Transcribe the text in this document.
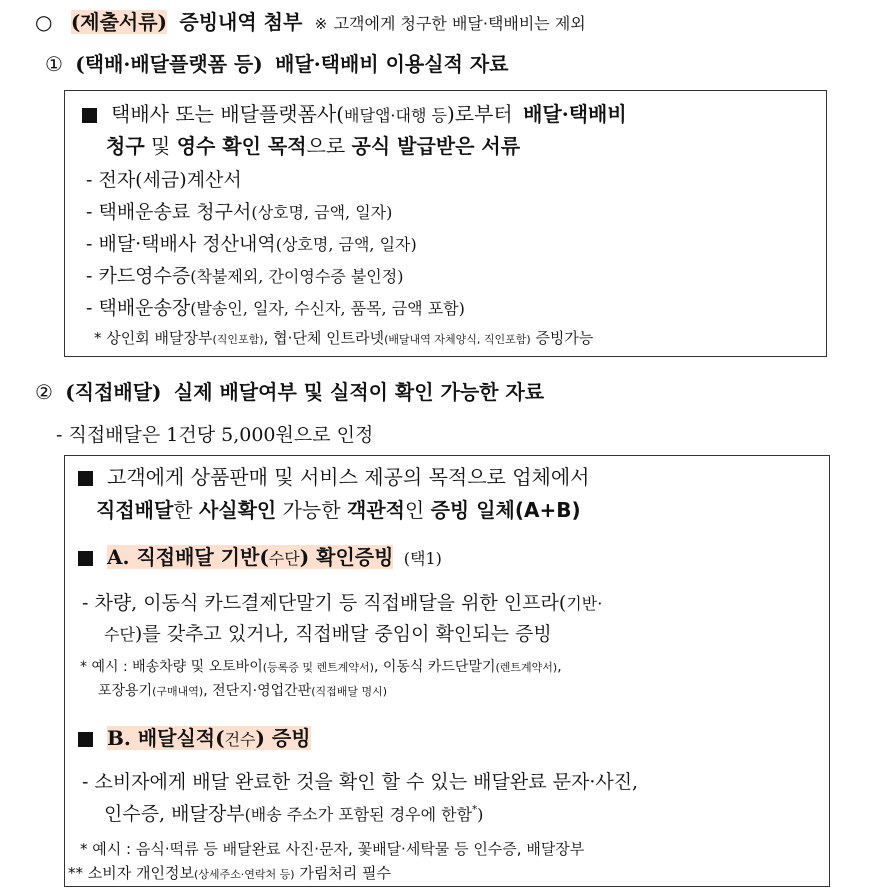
○ (제출서류) 증빙내역 첨부 ※ 고객에게 청구한 배달·택배비는 제외
① (택배·배달플랫폼 등) 배달·택배비 이용실적 자료
택배사 또는 배달플랫폼사(배달앱·대행 등)로부터 배달·택배비
청구 및 영수 확인 목적으로 공식 발급받은 서류
- 전자(세금)계산서
- 택배운송료 청구서(상호명, 금액, 일자)
- 배달·택배사 정산내역(상호명, 금액, 일자)
- 카드영수증(착불제외, 간이영수증 불인정)
- 택배운송장(발송인, 일자, 수신자, 품목, 금액 포함)
* 상인회 배달장부(직인포함), 협·단체 인트라넷(배달내역 자체양식, 직인포함) 증빙가능
② (직접배달) 실제 배달여부 및 실적이 확인 가능한 자료
- 직접배달은 1건당 5,000원으로 인정
고객에게 상품판매 및 서비스 제공의 목적으로 업체에서
직접배달한 사실확인 가능한 객관적인 증빙 일체(A+B)
A. 직접배달 기반(수단) 확인증빙 (택1)
- 차량, 이동식 카드결제단말기 등 직접배달을 위한 인프라(기반·
수단)를 갖추고 있거나, 직접배달 중임이 확인되는 증빙
* 예시 : 배송차량 및 오토바이(등록증 및 렌트계약서), 이동식 카드단말기(렌트계약서),
포장용기(구매내역), 전단지·영업간판(직접배달 명시)
B. 배달실적(건수) 증빙
- 소비자에게 배달 완료한 것을 확인 할 수 있는 배달완료 문자·사진,
인수증, 배달장부(배송 주소가 포함된 경우에 한함*)
* 예시 : 음식·떡류 등 배달완료 사진·문자, 꽃배달·세탁물 등 인수증, 배달장부
** 소비자 개인정보(상세주소·연락처 등) 가림처리 필수
